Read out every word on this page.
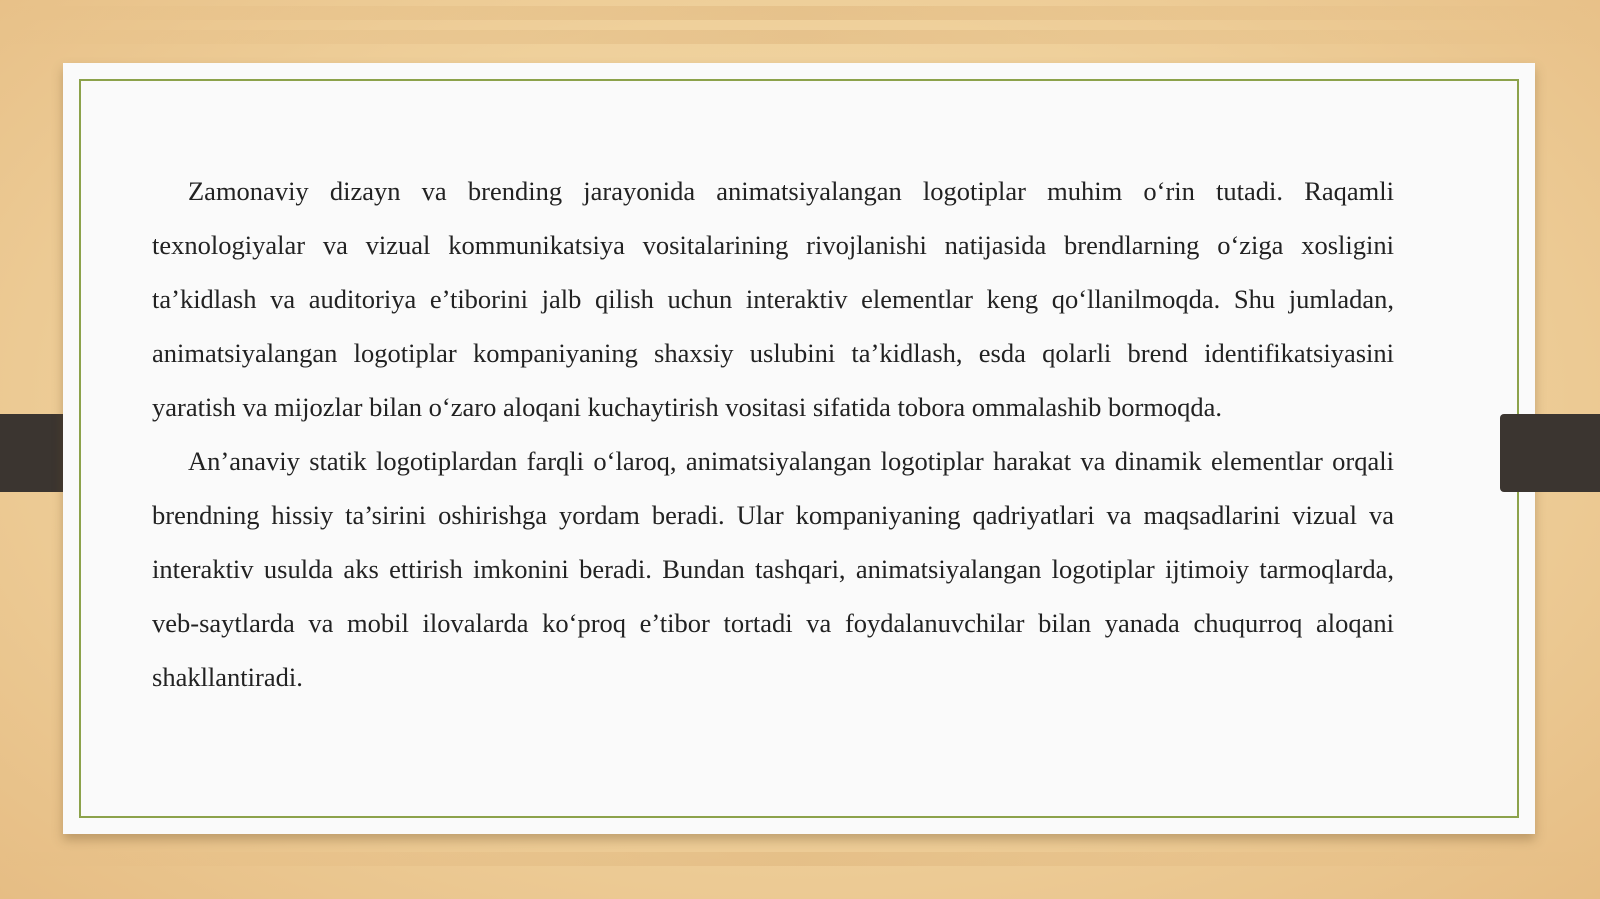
Zamonaviy dizayn va brending jarayonida animatsiyalangan logotiplar muhim o‘rin tutadi. Raqamli texnologiyalar va vizual kommunikatsiya vositalarining rivojlanishi natijasida brendlarning o‘ziga xosligini ta’kidlash va auditoriya e’tiborini jalb qilish uchun interaktiv elementlar keng qo‘llanilmoqda. Shu jumladan, animatsiyalangan logotiplar kompaniyaning shaxsiy uslubini ta’kidlash, esda qolarli brend identifikatsiyasini yaratish va mijozlar bilan o‘zaro aloqani kuchaytirish vositasi sifatida tobora ommalashib bormoqda.

An’anaviy statik logotiplardan farqli o‘laroq, animatsiyalangan logotiplar harakat va dinamik elementlar orqali brendning hissiy ta’sirini oshirishga yordam beradi. Ular kompaniyaning qadriyatlari va maqsadlarini vizual va interaktiv usulda aks ettirish imkonini beradi. Bundan tashqari, animatsiyalangan logotiplar ijtimoiy tarmoqlarda, veb-saytlarda va mobil ilovalarda ko‘proq e’tibor tortadi va foydalanuvchilar bilan yanada chuqurroq aloqani shakllantiradi.
